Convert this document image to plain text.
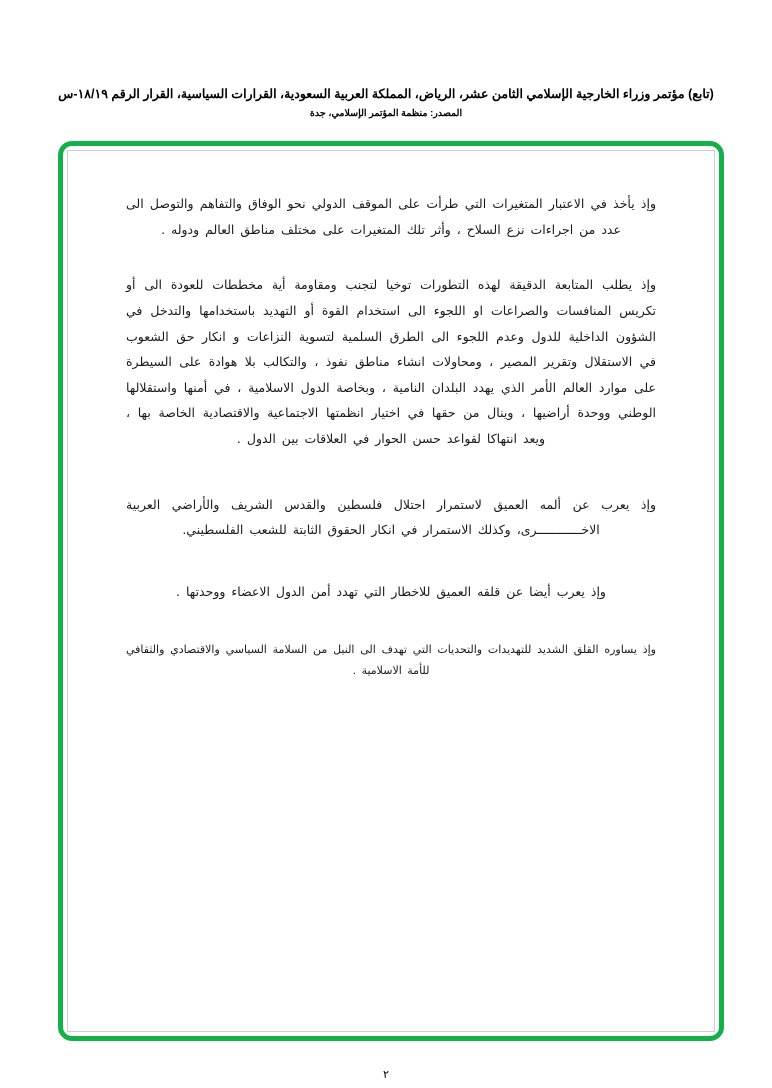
(تابع) مؤتمر وزراء الخارجية الإسلامي الثامن عشر، الرياض، المملكة العربية السعودية، القرارات السياسية، القرار الرقم ١٨/١٩-س
المصدر: منظمة المؤتمر الإسلامي، جدة
وإذ يأخذ في الاعتبار المتغيرات التي طرأت على الموقف الدولي نحو الوفاق والتفاهم والتوصل الى عدد من اجراءات نزع السلاح ، وأثر تلك المتغيرات على مختلف مناطق العالم ودوله .
وإذ يطلب المتابعة الدقيقة لهذه التطورات توخيا لتجنب ومقاومة أية مخططات للعودة الى أو تكريس المنافسات والصراعات او اللجوء الى استخدام القوة أو التهديد باستخدامها والتدخل في الشؤون الداخلية للدول وعدم اللجوء الى الطرق السلمية لتسوية النزاعات و انكار حق الشعوب في الاستقلال وتقرير المصير ، ومحاولات انشاء مناطق نفوذ ، والتكالب بلا هوادة على السيطرة على موارد العالم الأمر الذي يهدد البلدان النامية ، وبخاصة الدول الاسلامية ، في أمنها واستقلالها الوطني ووحدة أراضيها ، وينال من حقها في اختيار انظمتها الاجتماعية والاقتصادية الخاصة بها ، ويعد انتهاكا لقواعد حسن الحوار في العلاقات بين الدول .
وإذ يعرب عن ألمه العميق لاستمرار احتلال فلسطين والقدس الشريف والأراضي العربية الاخــــــــــــرى، وكذلك الاستمرار في انكار الحقوق الثابتة للشعب الفلسطيني.
وإذ يعرب أيضا عن قلقه العميق للاخطار التي تهدد أمن الدول الاعضاء ووحدتها .
وإذ يساوره القلق الشديد للتهديدات والتحديات التي تهدف الى النيل من السلامة السياسي والاقتصادي والثقافي للأمة الاسلامية .
٢
